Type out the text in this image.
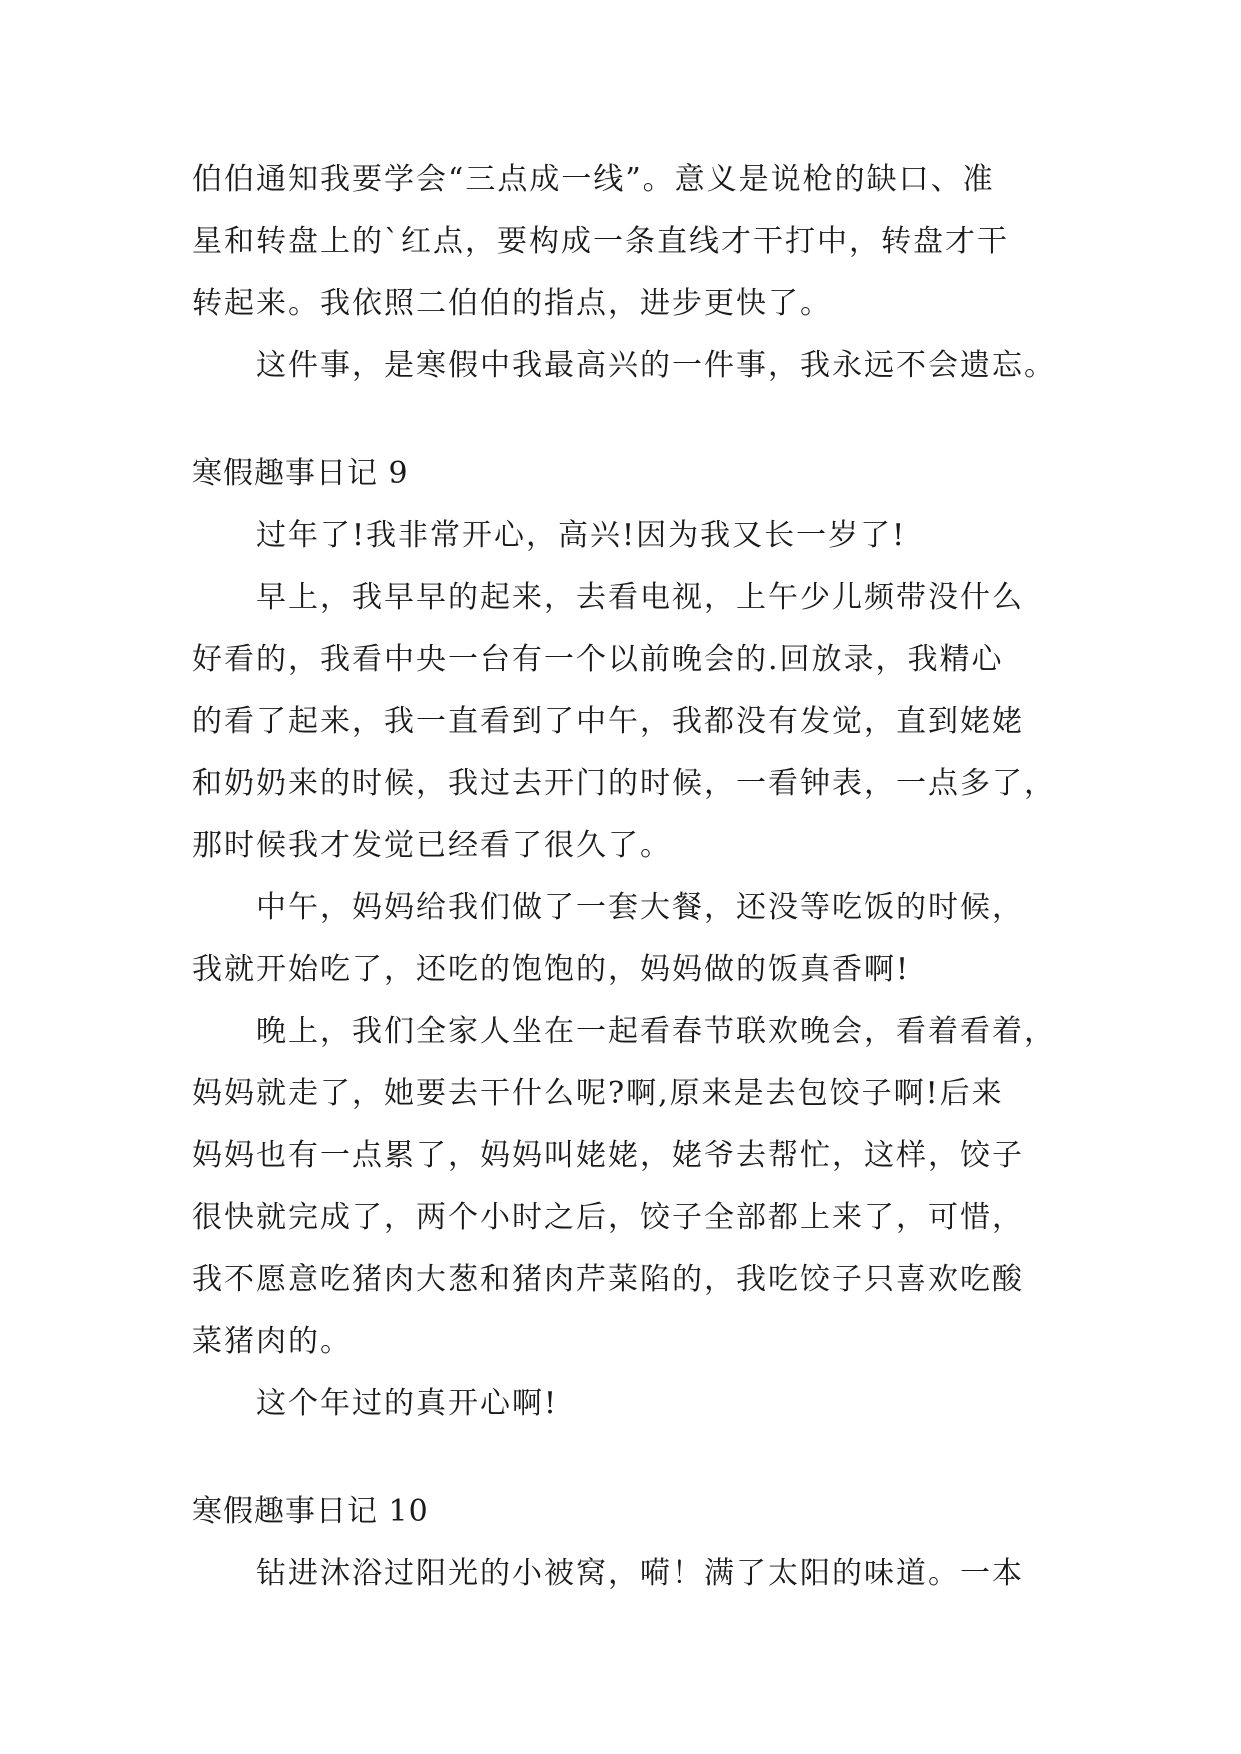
伯伯通知我要学会“三点成一线”。意义是说枪的缺口、准
星和转盘上的`红点，要构成一条直线才干打中，转盘才干
转起来。我依照二伯伯的指点，进步更快了。
这件事，是寒假中我最高兴的一件事，我永远不会遗忘。
寒假趣事日记 9
过年了!我非常开心，高兴!因为我又长一岁了!
早上，我早早的起来，去看电视，上午少儿频带没什么
好看的，我看中央一台有一个以前晚会的.回放录，我精心
的看了起来，我一直看到了中午，我都没有发觉，直到姥姥
和奶奶来的时候，我过去开门的时候，一看钟表，一点多了，
那时候我才发觉已经看了很久了。
中午，妈妈给我们做了一套大餐，还没等吃饭的时候，
我就开始吃了，还吃的饱饱的，妈妈做的饭真香啊!
晚上，我们全家人坐在一起看春节联欢晚会，看着看着，
妈妈就走了，她要去干什么呢?啊,原来是去包饺子啊!后来
妈妈也有一点累了，妈妈叫姥姥，姥爷去帮忙，这样，饺子
很快就完成了，两个小时之后，饺子全部都上来了，可惜，
我不愿意吃猪肉大葱和猪肉芹菜陷的，我吃饺子只喜欢吃酸
菜猪肉的。
这个年过的真开心啊!
寒假趣事日记 10
钻进沐浴过阳光的小被窝，嗬！满了太阳的味道。一本
